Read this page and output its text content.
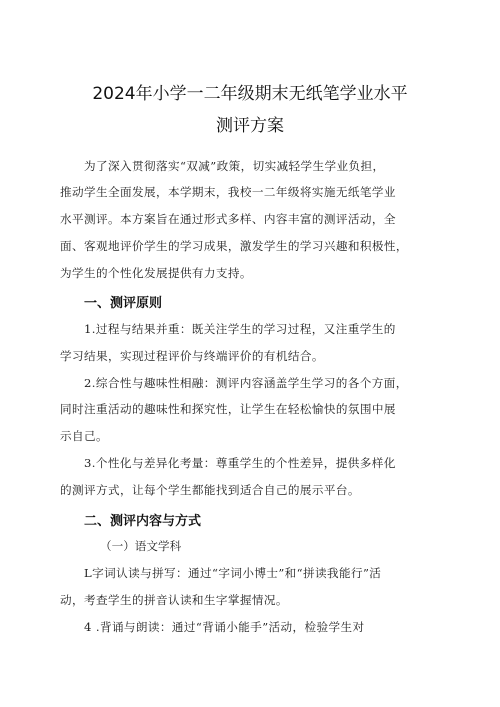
2024年小学一二年级期末无纸笔学业水平
测评方案
为了深入贯彻落实“双减”政策，切实减轻学生学业负担，
推动学生全面发展，本学期末，我校一二年级将实施无纸笔学业
水平测评。本方案旨在通过形式多样、内容丰富的测评活动，全
面、客观地评价学生的学习成果，激发学生的学习兴趣和积极性，
为学生的个性化发展提供有力支持。
一、测评原则
1.过程与结果并重：既关注学生的学习过程，又注重学生的
学习结果，实现过程评价与终端评价的有机结合。
2.综合性与趣味性相融：测评内容涵盖学生学习的各个方面，
同时注重活动的趣味性和探究性，让学生在轻松愉快的氛围中展
示自己。
3.个性化与差异化考量：尊重学生的个性差异，提供多样化
的测评方式，让每个学生都能找到适合自己的展示平台。
二、测评内容与方式
（一）语文学科
L字词认读与拼写：通过“字词小博士”和“拼读我能行”活
动，考查学生的拼音认读和生字掌握情况。
4 .背诵与朗读：通过“背诵小能手”活动，检验学生对
